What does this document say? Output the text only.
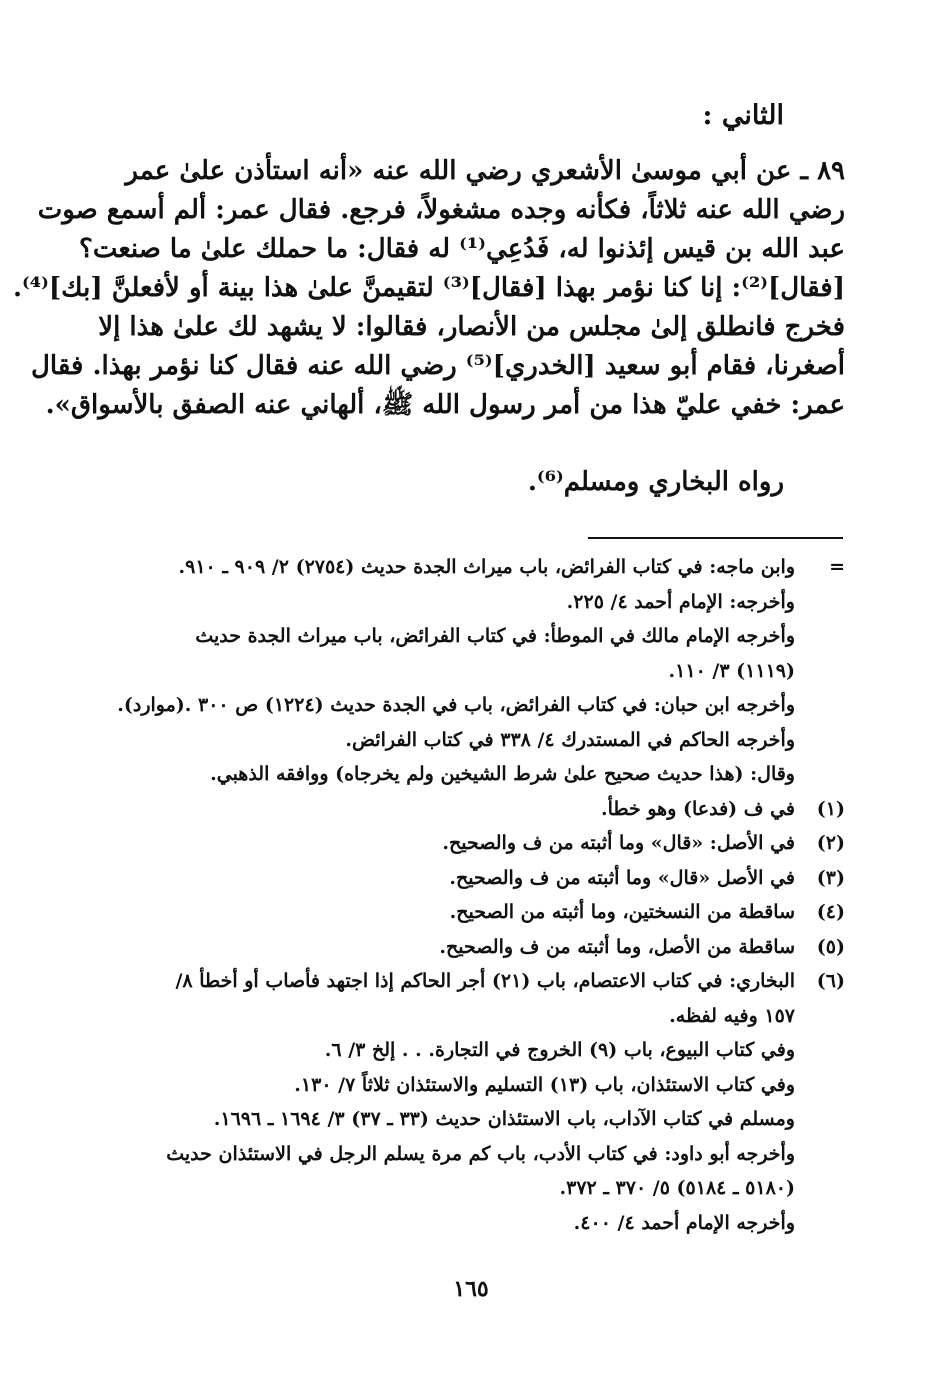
الثاني :
٨٩ ـ عن أبي موسىٰ الأشعري رضي الله عنه «أنه استأذن علىٰ عمر
رضي الله عنه ثلاثاً، فكأنه وجده مشغولاً، فرجع. فقال عمر: ألم أسمع صوت
عبد الله بن قيس إئذنوا له، فَدُعِي⁽¹⁾ له فقال: ما حملك علىٰ ما صنعت؟
[فقال]⁽²⁾: إنا كنا نؤمر بهذا [فقال]⁽³⁾ لتقيمنَّ علىٰ هذا بينة أو لأفعلنَّ [بك]⁽⁴⁾.
فخرج فانطلق إلىٰ مجلس من الأنصار، فقالوا: لا يشهد لك علىٰ هذا إلا
أصغرنا، فقام أبو سعيد [الخدري]⁽⁵⁾ رضي الله عنه فقال كنا نؤمر بهذا. فقال
عمر: خفي عليّ هذا من أمر رسول الله ﷺ، ألهاني عنه الصفق بالأسواق».
رواه البخاري ومسلم⁽⁶⁾.
=
وابن ماجه: في كتاب الفرائض، باب ميراث الجدة حديث (٢٧٥٤) ٢/ ٩٠٩ ـ ٩١٠.
وأخرجه: الإمام أحمد ٤/ ٢٢٥.
وأخرجه الإمام مالك في الموطأ: في كتاب الفرائض، باب ميراث الجدة حديث
(١١١٩) ٣/ ١١٠.
وأخرجه ابن حبان: في كتاب الفرائض، باب في الجدة حديث (١٢٢٤) ص ٣٠٠ .(موارد).
وأخرجه الحاكم في المستدرك ٤/ ٣٣٨ في كتاب الفرائض.
وقال: (هذا حديث صحيح علىٰ شرط الشيخين ولم يخرجاه) ووافقه الذهبي.
(١)
في ف (فدعا) وهو خطأ.
(٢)
في الأصل: «قال» وما أثبته من ف والصحيح.
(٣)
في الأصل «قال» وما أثبته من ف والصحيح.
(٤)
ساقطة من النسختين، وما أثبته من الصحيح.
(٥)
ساقطة من الأصل، وما أثبته من ف والصحيح.
(٦)
البخاري: في كتاب الاعتصام، باب (٢١) أجر الحاكم إذا اجتهد فأصاب أو أخطأ ٨/
١٥٧ وفيه لفظه.
وفي كتاب البيوع، باب (٩) الخروج في التجارة. . . إلخ ٣/ ٦.
وفي كتاب الاستئذان، باب (١٣) التسليم والاستئذان ثلاثاً ٧/ ١٣٠.
ومسلم في كتاب الآداب، باب الاستئذان حديث (٣٣ ـ ٣٧) ٣/ ١٦٩٤ ـ ١٦٩٦.
وأخرجه أبو داود: في كتاب الأدب، باب كم مرة يسلم الرجل في الاستئذان حديث
(٥١٨٠ ـ ٥١٨٤) ٥/ ٣٧٠ ـ ٣٧٢.
وأخرجه الإمام أحمد ٤/ ٤٠٠.
١٦٥
